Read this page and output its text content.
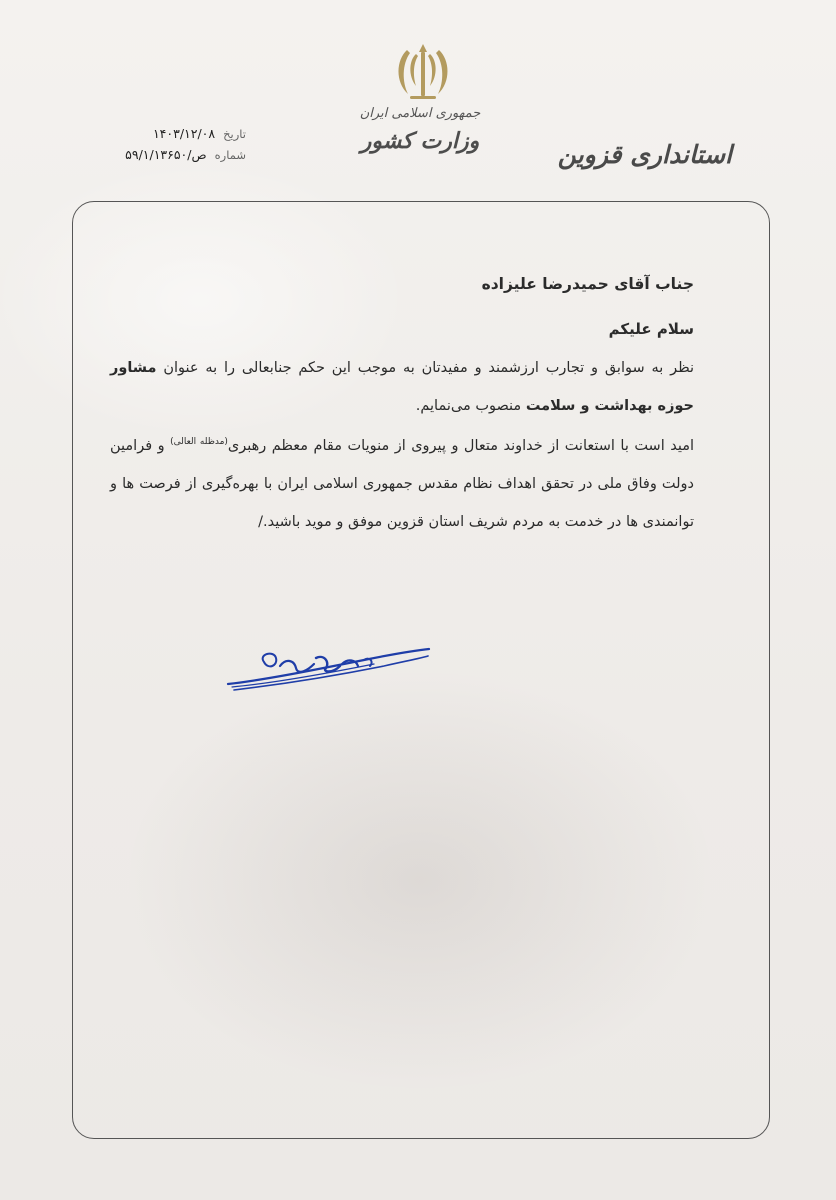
جمهوری اسلامی ایران
وزارت کشور	استانداری قزوین
تاریخ
۱۴۰۳/۱۲/۰۸
شماره
۵۹/۱/۱۳۶۵۰/ص

جناب آقای حمیدرضا علیزاده

سلام علیکم

نظر به سوابق و تجارب ارزشمند و مفیدتان به موجب این حکم جنابعالی را به عنوان مشاور حوزه بهداشت و سلامت منصوب می‌نمایم.

امید است با استعانت از خداوند متعال و پیروی از منویات مقام معظم رهبری$^{(مدظله العالی)}$ و فرامین دولت وفاق ملی در تحقق اهداف نظام مقدس جمهوری اسلامی ایران با بهره‌گیری از فرصت ها و توانمندی ها در خدمت به مردم شریف استان قزوین موفق و موید باشید./
